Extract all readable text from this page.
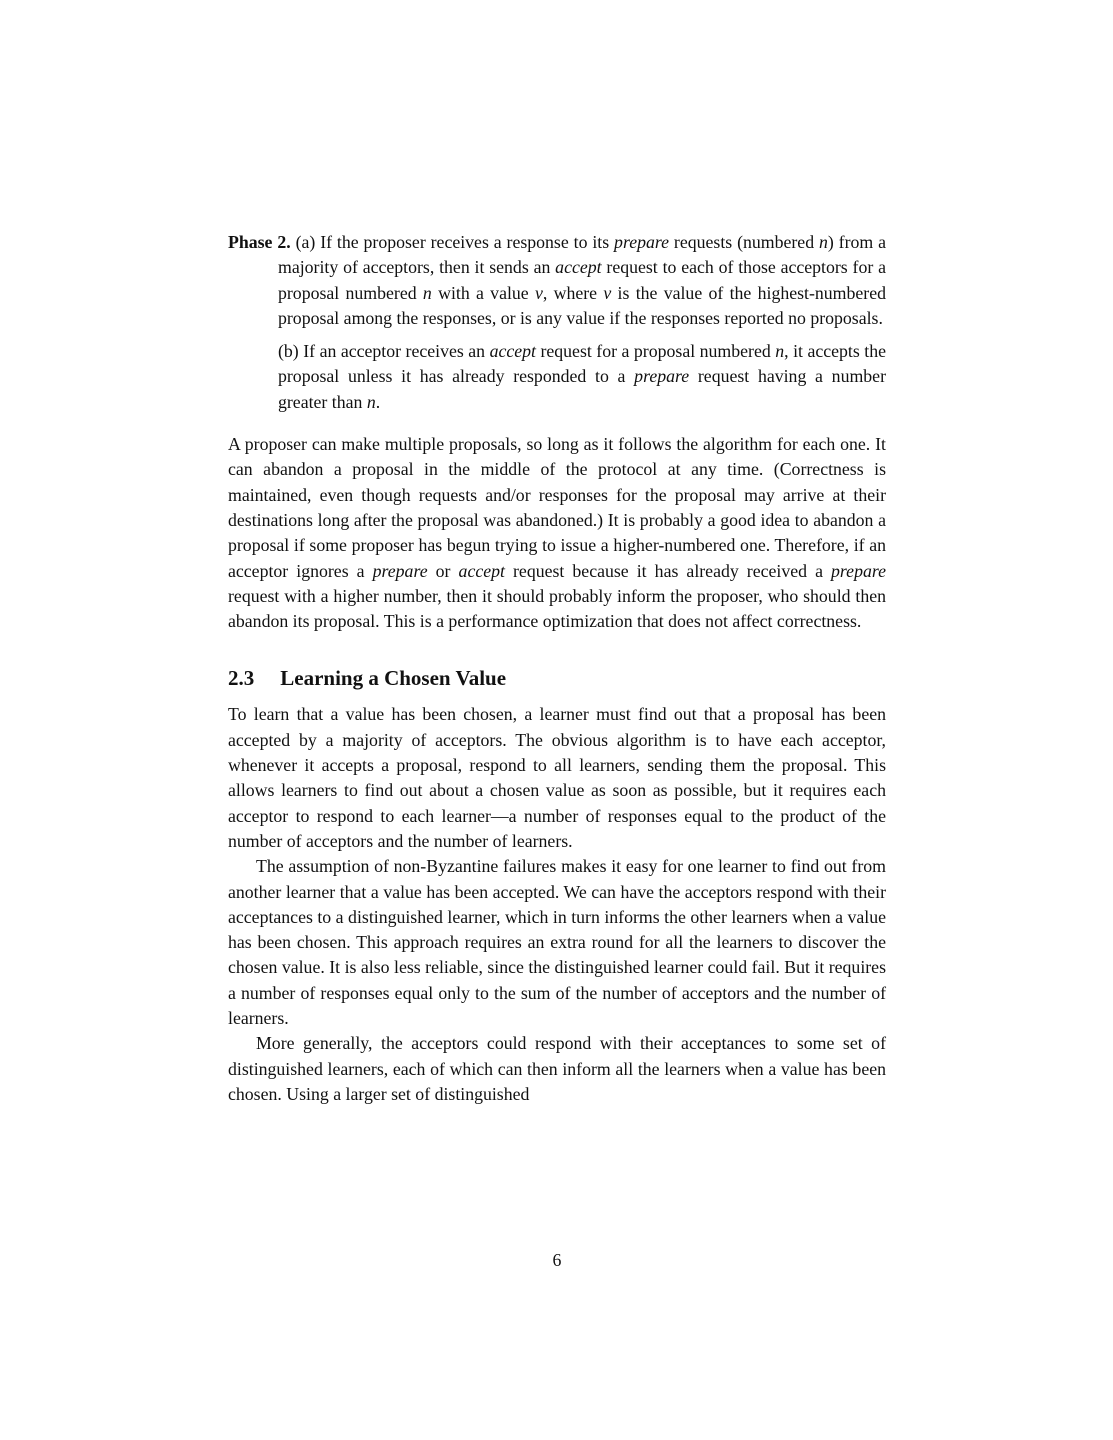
Phase 2. (a) If the proposer receives a response to its prepare requests (numbered n) from a majority of acceptors, then it sends an accept request to each of those acceptors for a proposal numbered n with a value v, where v is the value of the highest-numbered proposal among the responses, or is any value if the responses reported no proposals.
(b) If an acceptor receives an accept request for a proposal numbered n, it accepts the proposal unless it has already responded to a prepare request having a number greater than n.

A proposer can make multiple proposals, so long as it follows the algorithm for each one. It can abandon a proposal in the middle of the protocol at any time. (Correctness is maintained, even though requests and/or responses for the proposal may arrive at their destinations long after the proposal was abandoned.) It is probably a good idea to abandon a proposal if some proposer has begun trying to issue a higher-numbered one. Therefore, if an acceptor ignores a prepare or accept request because it has already received a prepare request with a higher number, then it should probably inform the proposer, who should then abandon its proposal. This is a performance optimization that does not affect correctness.

2.3 Learning a Chosen Value

To learn that a value has been chosen, a learner must find out that a proposal has been accepted by a majority of acceptors. The obvious algorithm is to have each acceptor, whenever it accepts a proposal, respond to all learners, sending them the proposal. This allows learners to find out about a chosen value as soon as possible, but it requires each acceptor to respond to each learner—a number of responses equal to the product of the number of acceptors and the number of learners.

The assumption of non-Byzantine failures makes it easy for one learner to find out from another learner that a value has been accepted. We can have the acceptors respond with their acceptances to a distinguished learner, which in turn informs the other learners when a value has been chosen. This approach requires an extra round for all the learners to discover the chosen value. It is also less reliable, since the distinguished learner could fail. But it requires a number of responses equal only to the sum of the number of acceptors and the number of learners.

More generally, the acceptors could respond with their acceptances to some set of distinguished learners, each of which can then inform all the learners when a value has been chosen. Using a larger set of distinguished

6
